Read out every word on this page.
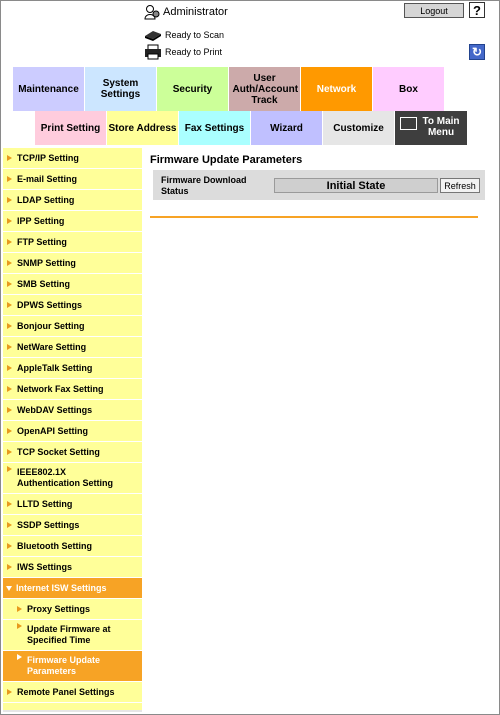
Administrator	Logout	?
Ready to Scan
Ready to Print	↻
Maintenance	System Settings	Security
User Auth/Account Track
Network	Box
Print Setting Store Address Fax Settings	Wizard	Customize
To Main Menu
TCP/IP Setting
E-mail Setting
LDAP Setting
IPP Setting
FTP Setting
SNMP Setting
SMB Setting
DPWS Settings
Bonjour Setting
NetWare Setting
AppleTalk Setting
Network Fax Setting
WebDAV Settings
OpenAPI Setting
TCP Socket Setting
IEEE802.1X Authentication Setting
LLTD Setting
SSDP Settings
Bluetooth Setting
IWS Settings
Internet ISW Settings
Proxy Settings
Update Firmware at Specified Time
Firmware Update Parameters
Remote Panel Settings
Firmware Update Parameters
Firmware Download Status	Initial State	Refresh
